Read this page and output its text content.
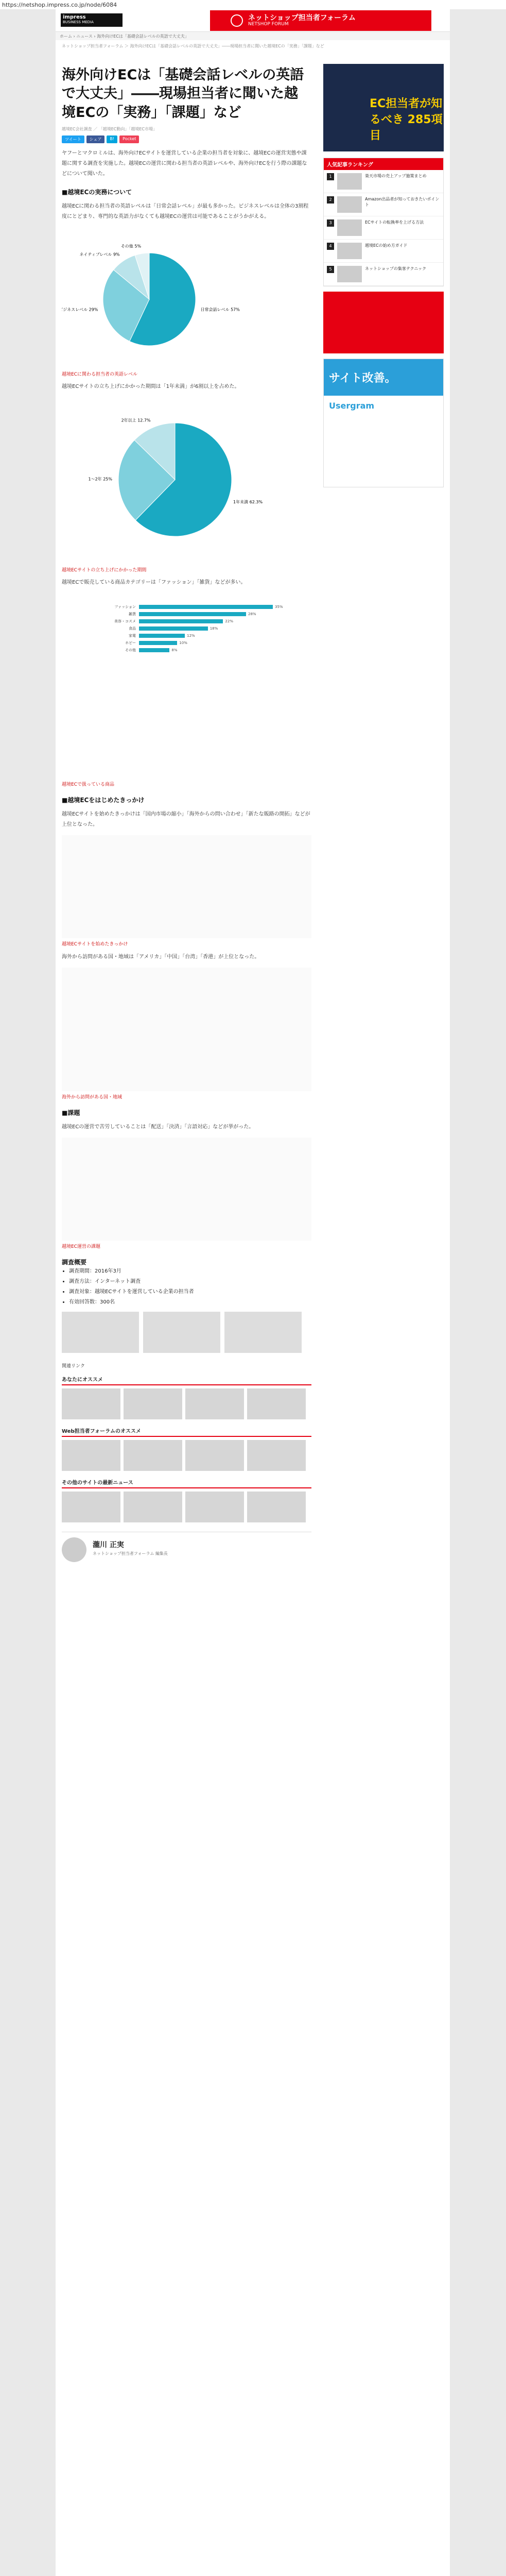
https://netshop.impress.co.jp/node/6084
impress
BUSINESS MEDIA	ネットショップ担当者フォーラム
NETSHOP FORUM
ホーム › ニュース › 海外向けECは「基礎会話レベルの英語で大丈夫」
ネットショップ担当者フォーラム ＞ 海外向けECは「基礎会話レベルの英語で大丈夫」――現場担当者に聞いた越境ECの「実務」「課題」など
海外向けECは「基礎会話レベルの英語で大丈夫」――現場担当者に聞いた越境ECの「実務」「課題」など
越境EC会社調査 ／ 「越境EC動向」「越境EC市場」
ツイート	シェア	B!	Pocket

ヤフーとマクロミルは、海外向けECサイトを運営している企業の担当者を対象に、越境ECの運営実態や課題に関する調査を実施した。越境ECの運営に関わる担当者の英語レベルや、海外向けECを行う際の課題などについて聞いた。

■越境ECの実務について

越境ECに関わる担当者の英語レベルは「日常会話レベル」が最も多かった。ビジネスレベルは全体の3割程度にとどまり、専門的な英語力がなくても越境ECの運営は可能であることがうかがえる。

日常会話レベル 57%
ビジネスレベル 29%
ネイティブレベル 9%
その他 5%
越境ECに関わる担当者の英語レベル

越境ECサイトの立ち上げにかかった期間は「1年未満」が6割以上を占めた。

1年未満 62.3%
1〜2年 25%
2年以上 12.7%
越境ECサイトの立ち上げにかかった期間

越境ECで販売している商品カテゴリーは「ファッション」「雑貨」などが多い。

ファッション	35%
雑貨	28%
美容・コスメ	22%
食品	18%
家電	12%
ホビー	10%
その他	8%
越境ECで扱っている商品
■越境ECをはじめたきっかけ

越境ECサイトを始めたきっかけは「国内市場の縮小」「海外からの問い合わせ」「新たな販路の開拓」などが上位となった。

越境ECサイトを始めたきっかけ

海外から訪問がある国・地域は「アメリカ」「中国」「台湾」「香港」が上位となった。

海外から訪問がある国・地域
■課題

越境ECの運営で苦労していることは「配送」「決済」「言語対応」などが挙がった。

越境EC運営の課題
調査概要
• 調査期間：2016年3月
• 調査方法：インターネット調査
• 調査対象：越境ECサイトを運営している企業の担当者
• 有効回答数：300名
関連リンク
あなたにオススメ
Web担当者フォーラムのオススメ
その他のサイトの最新ニュース
瀧川 正実
ネットショップ担当者フォーラム 編集長
EC担当者が知るべき 285項目
人気記事ランキング
1	楽天市場の売上アップ施策まとめ
2	Amazon出品者が知っておきたいポイント
3	ECサイトの転換率を上げる方法
4	越境ECの始め方ガイド
5	ネットショップの集客テクニック
サイト改善。
Usergram
